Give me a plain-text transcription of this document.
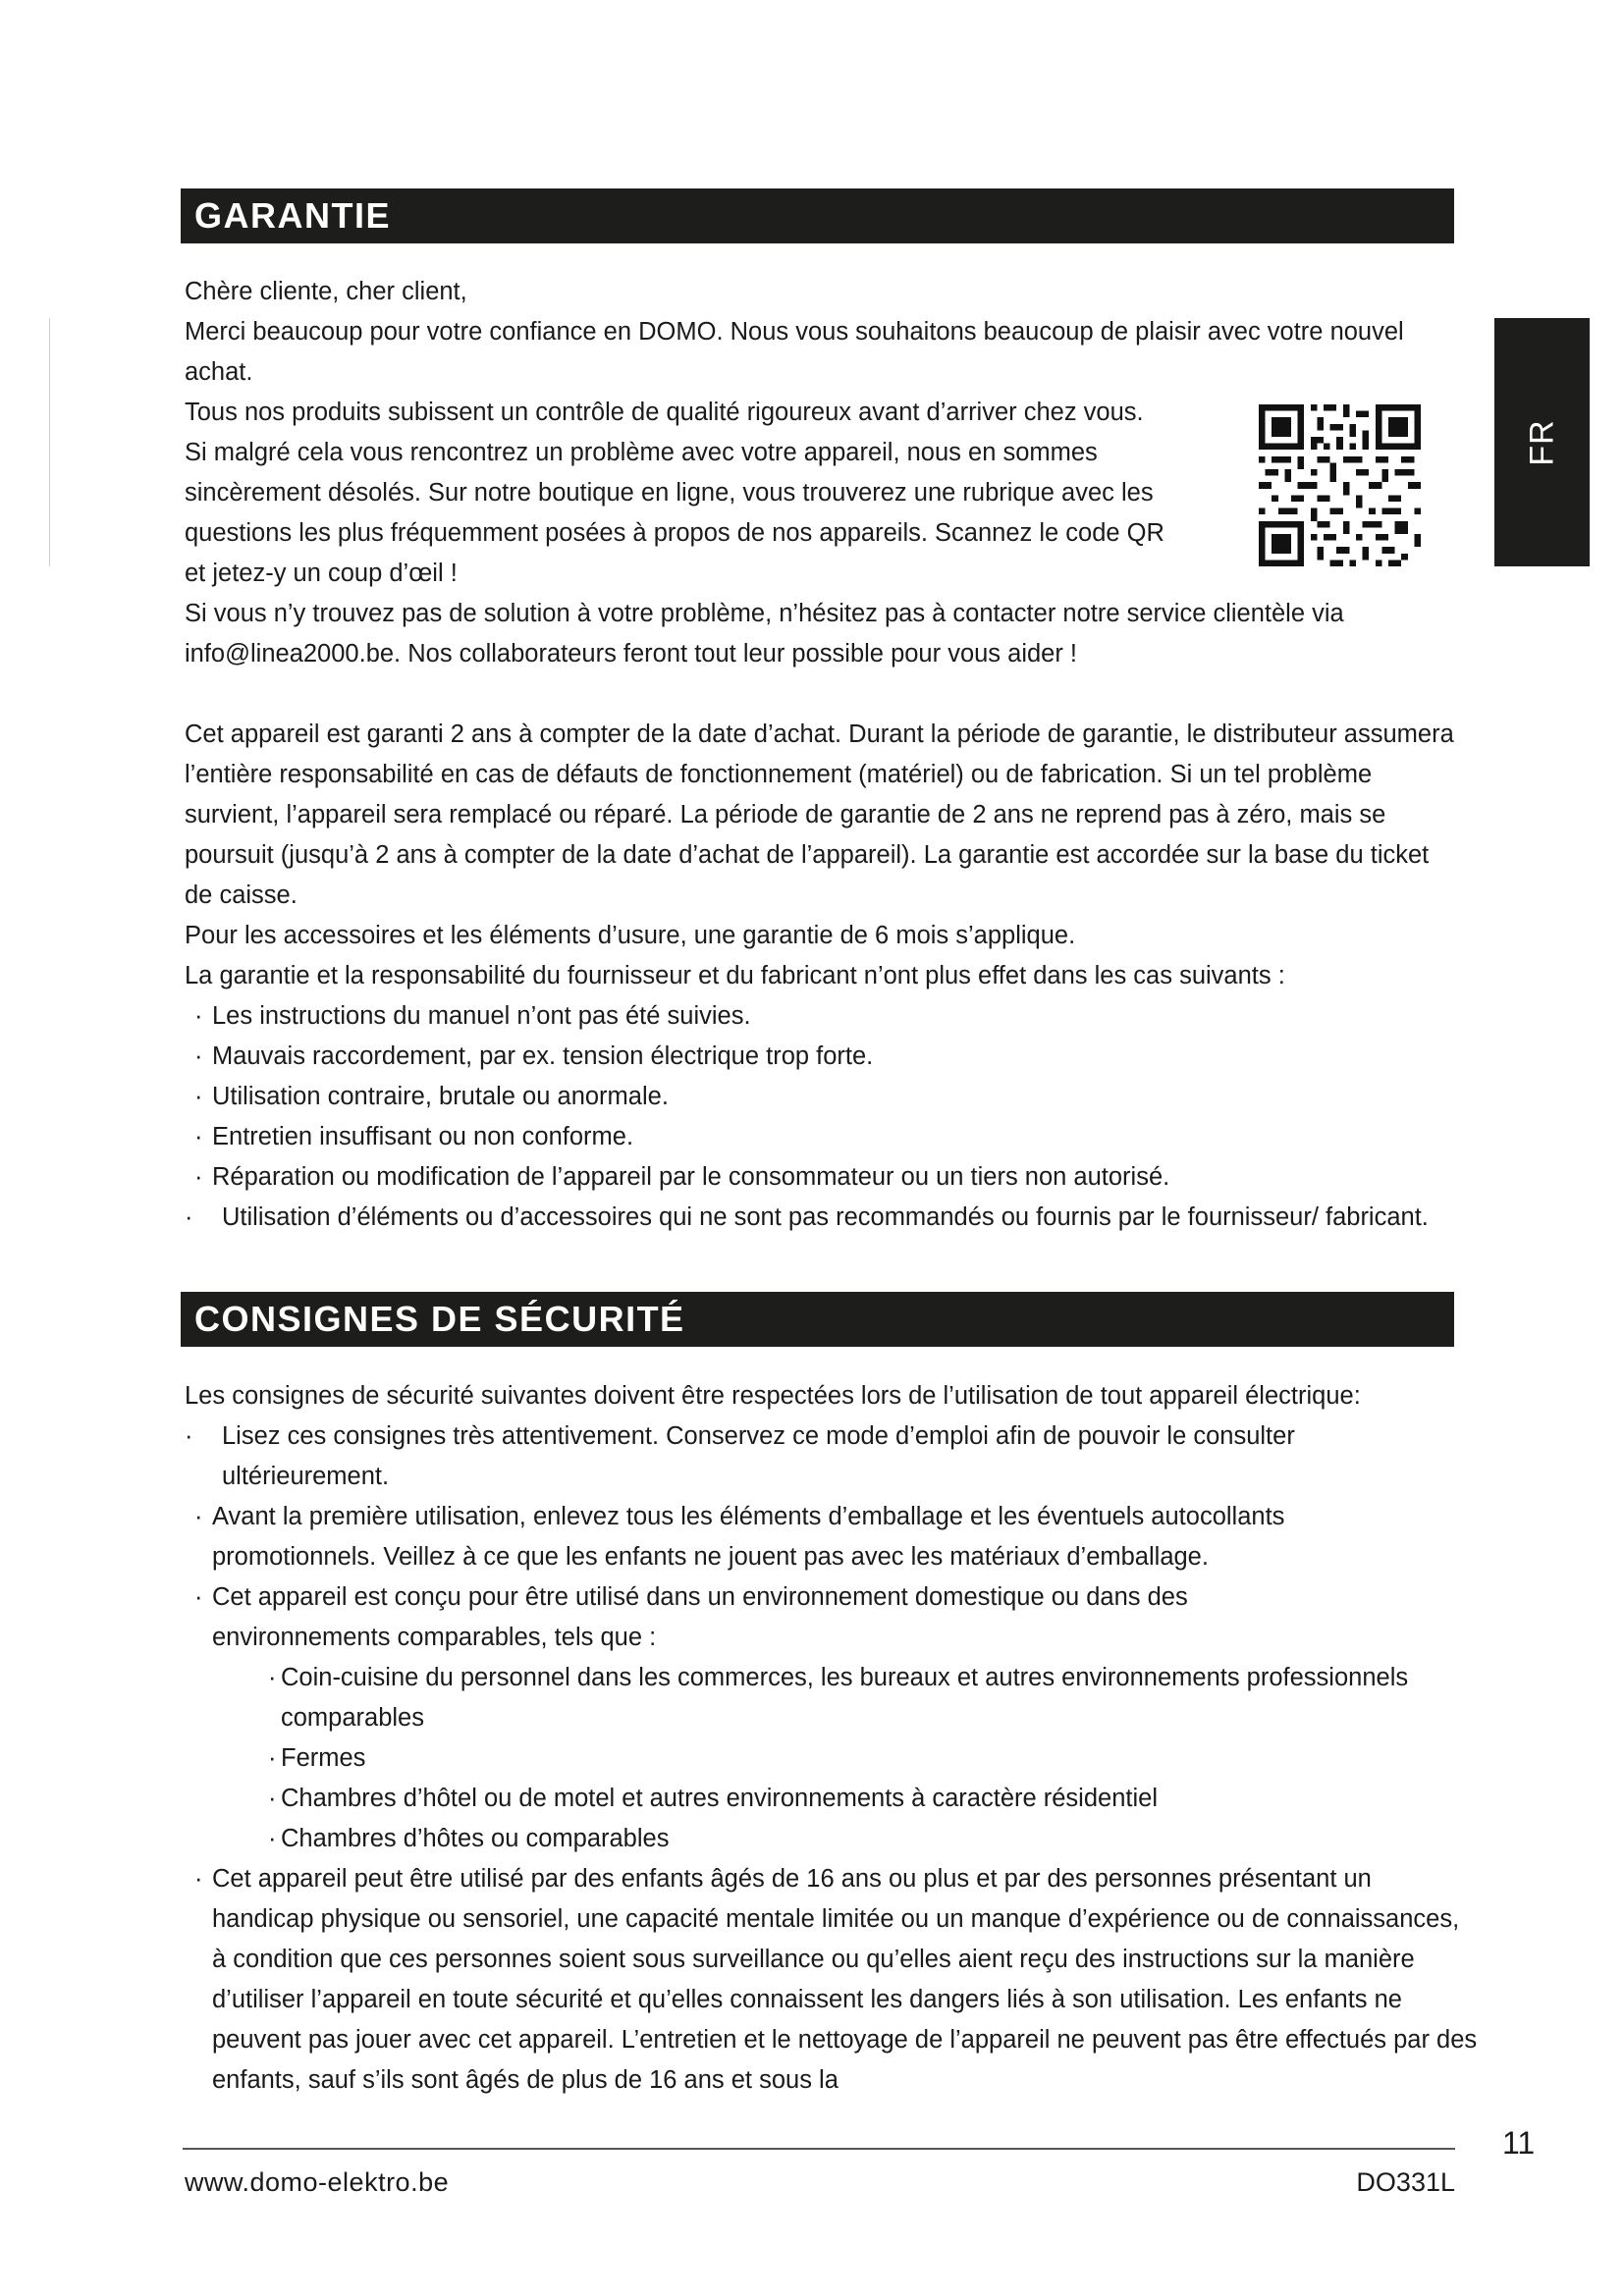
FR
GARANTIE

Chère cliente, cher client,

Merci beaucoup pour votre confiance en DOMO. Nous vous souhaitons beaucoup de plaisir avec votre nouvel achat.

Tous nos produits subissent un contrôle de qualité rigoureux avant d’arriver chez vous.

Si malgré cela vous rencontrez un problème avec votre appareil, nous en sommes

sincèrement désolés. Sur notre boutique en ligne, vous trouverez une rubrique avec les

questions les plus fréquemment posées à propos de nos appareils. Scannez le code QR

et jetez-y un coup d’œil !

Si vous n’y trouvez pas de solution à votre problème, n’hésitez pas à contacter notre service clientèle via info@linea2000.be. Nos collaborateurs feront tout leur possible pour vous aider !

Cet appareil est garanti 2 ans à compter de la date d’achat. Durant la période de garantie, le distributeur assumera l’entière responsabilité en cas de défauts de fonctionnement (matériel) ou de fabrication. Si un tel problème survient, l’appareil sera remplacé ou réparé. La période de garantie de 2 ans ne reprend pas à zéro, mais se poursuit (jusqu’à 2 ans à compter de la date d’achat de l’appareil). La garantie est accordée sur la base du ticket de caisse.

Pour les accessoires et les éléments d’usure, une garantie de 6 mois s’applique.

La garantie et la responsabilité du fournisseur et du fabricant n’ont plus effet dans les cas suivants :

· Les instructions du manuel n’ont pas été suivies.
· Mauvais raccordement, par ex. tension électrique trop forte.
· Utilisation contraire, brutale ou anormale.
· Entretien insuffisant ou non conforme.
· Réparation ou modification de l’appareil par le consommateur ou un tiers non autorisé.
· Utilisation d’éléments ou d’accessoires qui ne sont pas recommandés ou fournis par le fournisseur/ fabricant.
CONSIGNES DE SÉCURITÉ

Les consignes de sécurité suivantes doivent être respectées lors de l’utilisation de tout appareil électrique:

· Lisez ces consignes très attentivement. Conservez ce mode d’emploi afin de pouvoir le consulter ultérieurement.
· Avant la première utilisation, enlevez tous les éléments d’emballage et les éventuels autocollants promotionnels. Veillez à ce que les enfants ne jouent pas avec les matériaux d’emballage.
· Cet appareil est conçu pour être utilisé dans un environnement domestique ou dans des environnements comparables, tels que :
· Coin-cuisine du personnel dans les commerces, les bureaux et autres environnements professionnels comparables
· Fermes
· Chambres d’hôtel ou de motel et autres environnements à caractère résidentiel
· Chambres d’hôtes ou comparables
· Cet appareil peut être utilisé par des enfants âgés de 16 ans ou plus et par des personnes présentant un handicap physique ou sensoriel, une capacité mentale limitée ou un manque d’expérience ou de connaissances, à condition que ces personnes soient sous surveillance ou qu’elles aient reçu des instructions sur la manière d’utiliser l’appareil en toute sécurité et qu’elles connaissent les dangers liés à son utilisation. Les enfants ne peuvent pas jouer avec cet appareil. L’entretien et le nettoyage de l’appareil ne peuvent pas être effectués par des enfants, sauf s’ils sont âgés de plus de 16 ans et sous la
11
www.domo-elektro.be	DO331L
